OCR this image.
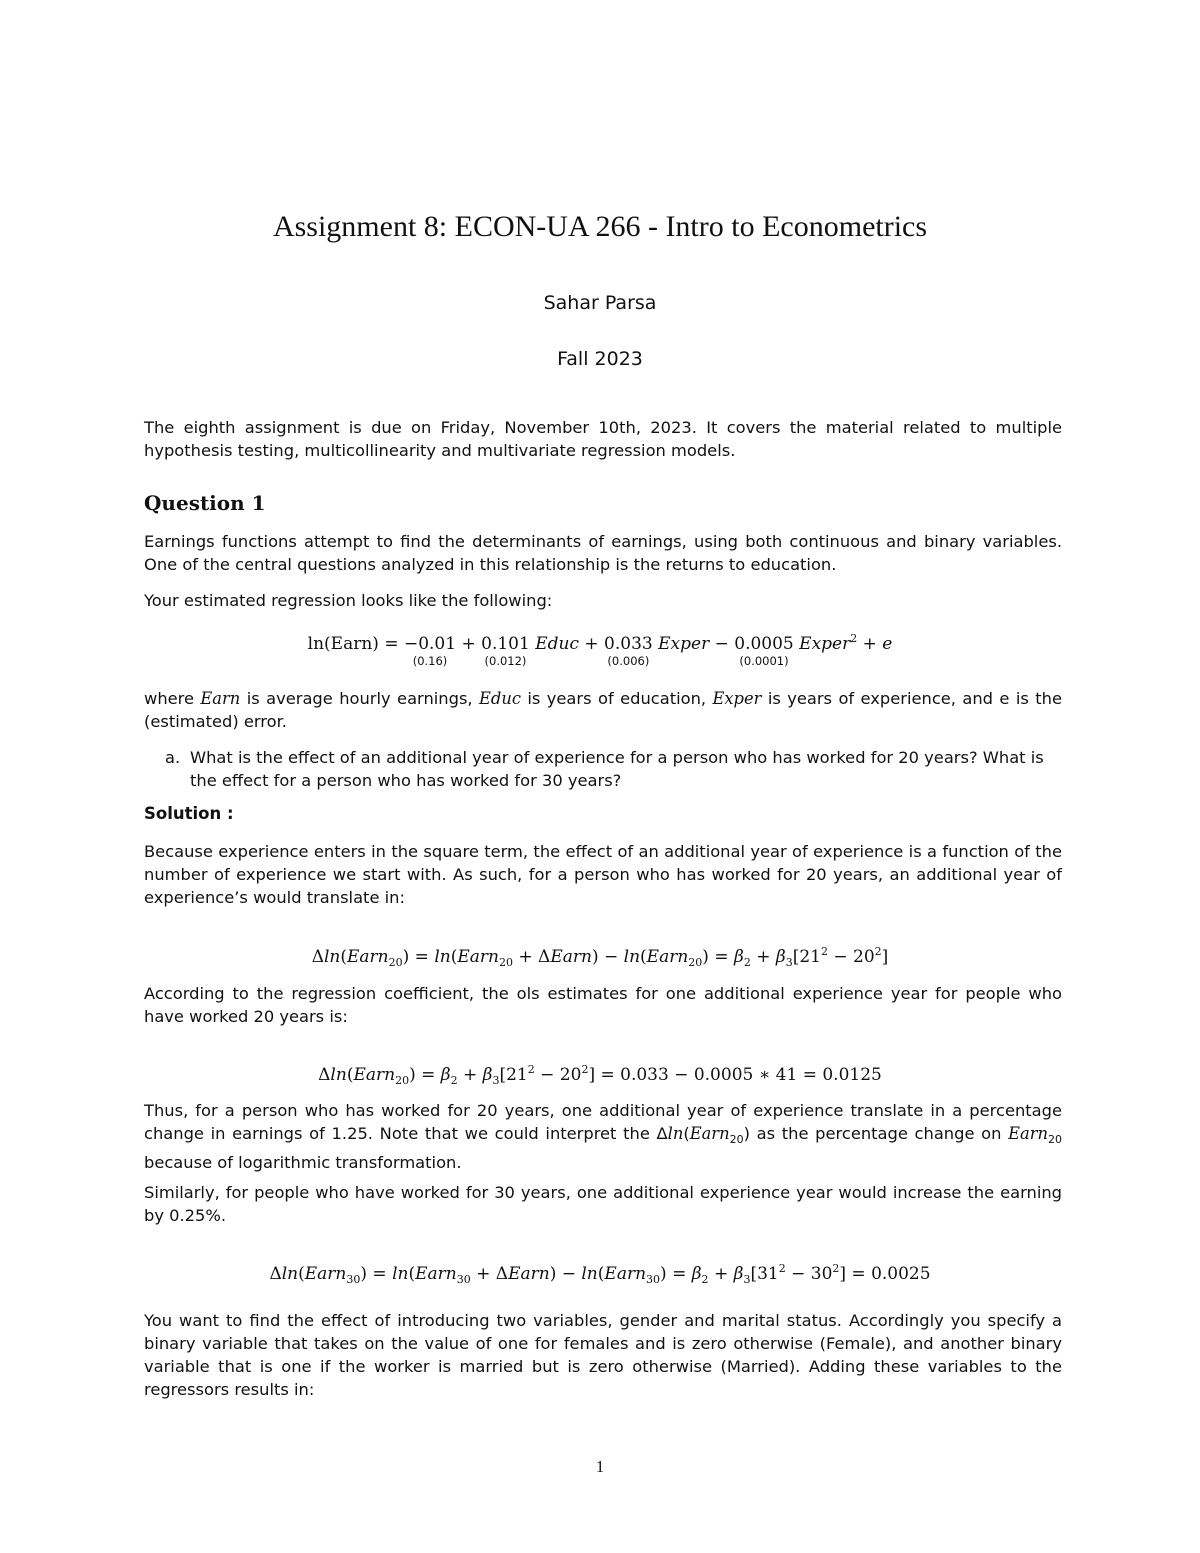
Assignment 8: ECON-UA 266 - Intro to Econometrics
Sahar Parsa
Fall 2023
The eighth assignment is due on Friday, November 10th, 2023. It covers the material related to multiple hypothesis testing, multicollinearity and multivariate regression models.
Question 1
Earnings functions attempt to find the determinants of earnings, using both continuous and binary variables. One of the central questions analyzed in this relationship is the returns to education.
Your estimated regression looks like the following:
ln(Earn) = −0.01
(0.16)
+ 0.101
(0.012)
Educ + 0.033
(0.006)
Exper − 0.0005
(0.0001)
Exper$^2$ + e
where Earn is average hourly earnings, Educ is years of education, Exper is years of experience, and e is the (estimated) error.
a. What is the effect of an additional year of experience for a person who has worked for 20 years? What is the effect for a person who has worked for 30 years?
Solution :
Because experience enters in the square term, the effect of an additional year of experience is a function of the number of experience we start with. As such, for a person who has worked for 20 years, an additional year of experience’s would translate in:
Δln(Earn$_{20}$) = ln(Earn$_{20}$ + ΔEarn) − ln(Earn$_{20}$) = $\beta_2 + \beta_3[21^2 - 20^2]$
According to the regression coefficient, the ols estimates for one additional experience year for people who have worked 20 years is:
Δln(Earn$_{20}$) = $\beta_2 + \beta_3[21^2 - 20^2] = 0.033 - 0.0005$ ∗ 41 = 0.0125
Thus, for a person who has worked for 20 years, one additional year of experience translate in a percentage change in earnings of 1.25. Note that we could interpret the Δln(Earn$_{20}$) as the percentage change on Earn$_{20}$ because of logarithmic transformation.
Similarly, for people who have worked for 30 years, one additional experience year would increase the earning by 0.25%.
Δln(Earn$_{30}$) = ln(Earn$_{30}$ + ΔEarn) − ln(Earn$_{30}$) = $\beta_2 + \beta_3[31^2 - 30^2] = 0.0025$
You want to find the effect of introducing two variables, gender and marital status. Accordingly you specify a binary variable that takes on the value of one for females and is zero otherwise (Female), and another binary variable that is one if the worker is married but is zero otherwise (Married). Adding these variables to the regressors results in:
1
